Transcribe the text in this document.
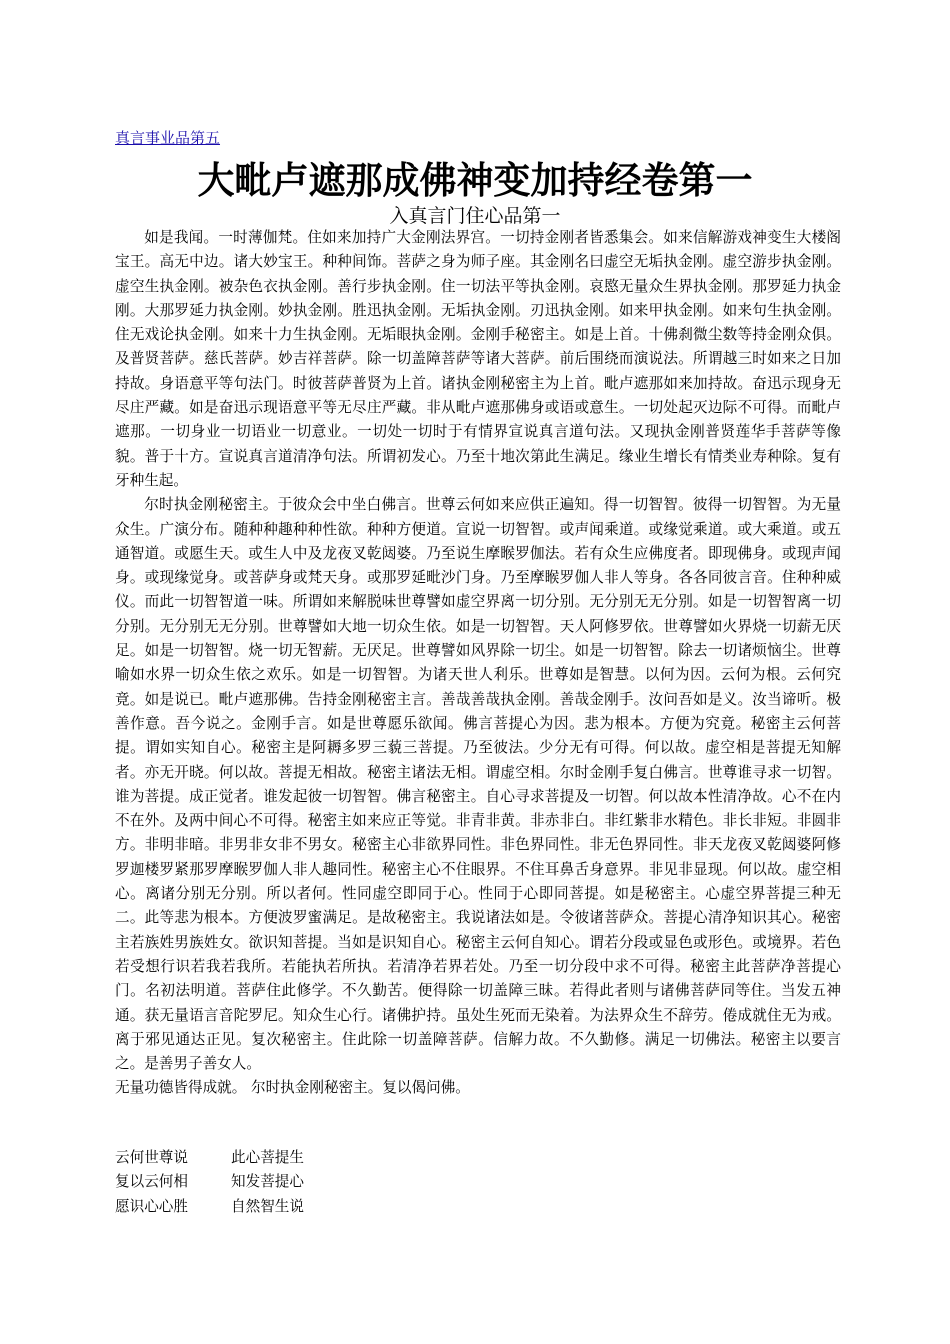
真言事业品第五
大毗卢遮那成佛神变加持经卷第一
入真言门住心品第一

如是我闻。一时薄伽梵。住如来加持广大金刚法界宫。一切持金刚者皆悉集会。如来信解游戏神变生大楼阁宝王。高无中边。诸大妙宝王。种种间饰。菩萨之身为师子座。其金刚名曰虚空无垢执金刚。虚空游步执金刚。虚空生执金刚。被杂色衣执金刚。善行步执金刚。住一切法平等执金刚。哀愍无量众生界执金刚。那罗延力执金刚。大那罗延力执金刚。妙执金刚。胜迅执金刚。无垢执金刚。刃迅执金刚。如来甲执金刚。如来句生执金刚。住无戏论执金刚。如来十力生执金刚。无垢眼执金刚。金刚手秘密主。如是上首。十佛刹微尘数等持金刚众俱。及普贤菩萨。慈氏菩萨。妙吉祥菩萨。除一切盖障菩萨等诸大菩萨。前后围绕而演说法。所谓越三时如来之日加持故。身语意平等句法门。时彼菩萨普贤为上首。诸执金刚秘密主为上首。毗卢遮那如来加持故。奋迅示现身无尽庄严藏。如是奋迅示现语意平等无尽庄严藏。非从毗卢遮那佛身或语或意生。一切处起灭边际不可得。而毗卢遮那。一切身业一切语业一切意业。一切处一切时于有情界宣说真言道句法。又现执金刚普贤莲华手菩萨等像貌。普于十方。宣说真言道清净句法。所谓初发心。乃至十地次第此生满足。缘业生增长有情类业寿种除。复有牙种生起。

尔时执金刚秘密主。于彼众会中坐白佛言。世尊云何如来应供正遍知。得一切智智。彼得一切智智。为无量众生。广演分布。随种种趣种种性欲。种种方便道。宣说一切智智。或声闻乘道。或缘觉乘道。或大乘道。或五通智道。或愿生天。或生人中及龙夜叉乾闼婆。乃至说生摩睺罗伽法。若有众生应佛度者。即现佛身。或现声闻身。或现缘觉身。或菩萨身或梵天身。或那罗延毗沙门身。乃至摩睺罗伽人非人等身。各各同彼言音。住种种威仪。而此一切智智道一味。所谓如来解脱味世尊譬如虚空界离一切分别。无分别无无分别。如是一切智智离一切分别。无分别无无分别。世尊譬如大地一切众生依。如是一切智智。天人阿修罗依。世尊譬如火界烧一切薪无厌足。如是一切智智。烧一切无智薪。无厌足。世尊譬如风界除一切尘。如是一切智智。除去一切诸烦恼尘。世尊喻如水界一切众生依之欢乐。如是一切智智。为诸天世人利乐。世尊如是智慧。以何为因。云何为根。云何究竟。如是说已。毗卢遮那佛。告持金刚秘密主言。善哉善哉执金刚。善哉金刚手。汝问吾如是义。汝当谛听。极善作意。吾今说之。金刚手言。如是世尊愿乐欲闻。佛言菩提心为因。悲为根本。方便为究竟。秘密主云何菩提。谓如实知自心。秘密主是阿耨多罗三藐三菩提。乃至彼法。少分无有可得。何以故。虚空相是菩提无知解者。亦无开晓。何以故。菩提无相故。秘密主诸法无相。谓虚空相。尔时金刚手复白佛言。世尊谁寻求一切智。谁为菩提。成正觉者。谁发起彼一切智智。佛言秘密主。自心寻求菩提及一切智。何以故本性清净故。心不在内不在外。及两中间心不可得。秘密主如来应正等觉。非青非黄。非赤非白。非红紫非水精色。非长非短。非圆非方。非明非暗。非男非女非不男女。秘密主心非欲界同性。非色界同性。非无色界同性。非天龙夜叉乾闼婆阿修罗迦楼罗紧那罗摩睺罗伽人非人趣同性。秘密主心不住眼界。不住耳鼻舌身意界。非见非显现。何以故。虚空相心。离诸分别无分别。所以者何。性同虚空即同于心。性同于心即同菩提。如是秘密主。心虚空界菩提三种无二。此等悲为根本。方便波罗蜜满足。是故秘密主。我说诸法如是。令彼诸菩萨众。菩提心清净知识其心。秘密主若族姓男族姓女。欲识知菩提。当如是识知自心。秘密主云何自知心。谓若分段或显色或形色。或境界。若色若受想行识若我若我所。若能执若所执。若清净若界若处。乃至一切分段中求不可得。秘密主此菩萨净菩提心门。名初法明道。菩萨住此修学。不久勤苦。便得除一切盖障三昧。若得此者则与诸佛菩萨同等住。当发五神通。获无量语言音陀罗尼。知众生心行。诸佛护持。虽处生死而无染着。为法界众生不辞劳。倦成就住无为戒。离于邪见通达正见。复次秘密主。住此除一切盖障菩萨。信解力故。不久勤修。满足一切佛法。秘密主以要言之。是善男子善女人。

无量功德皆得成就。 尔时执金刚秘密主。复以偈问佛。

云何世尊说	此心菩提生
复以云何相	知发菩提心
愿识心心胜	自然智生说
